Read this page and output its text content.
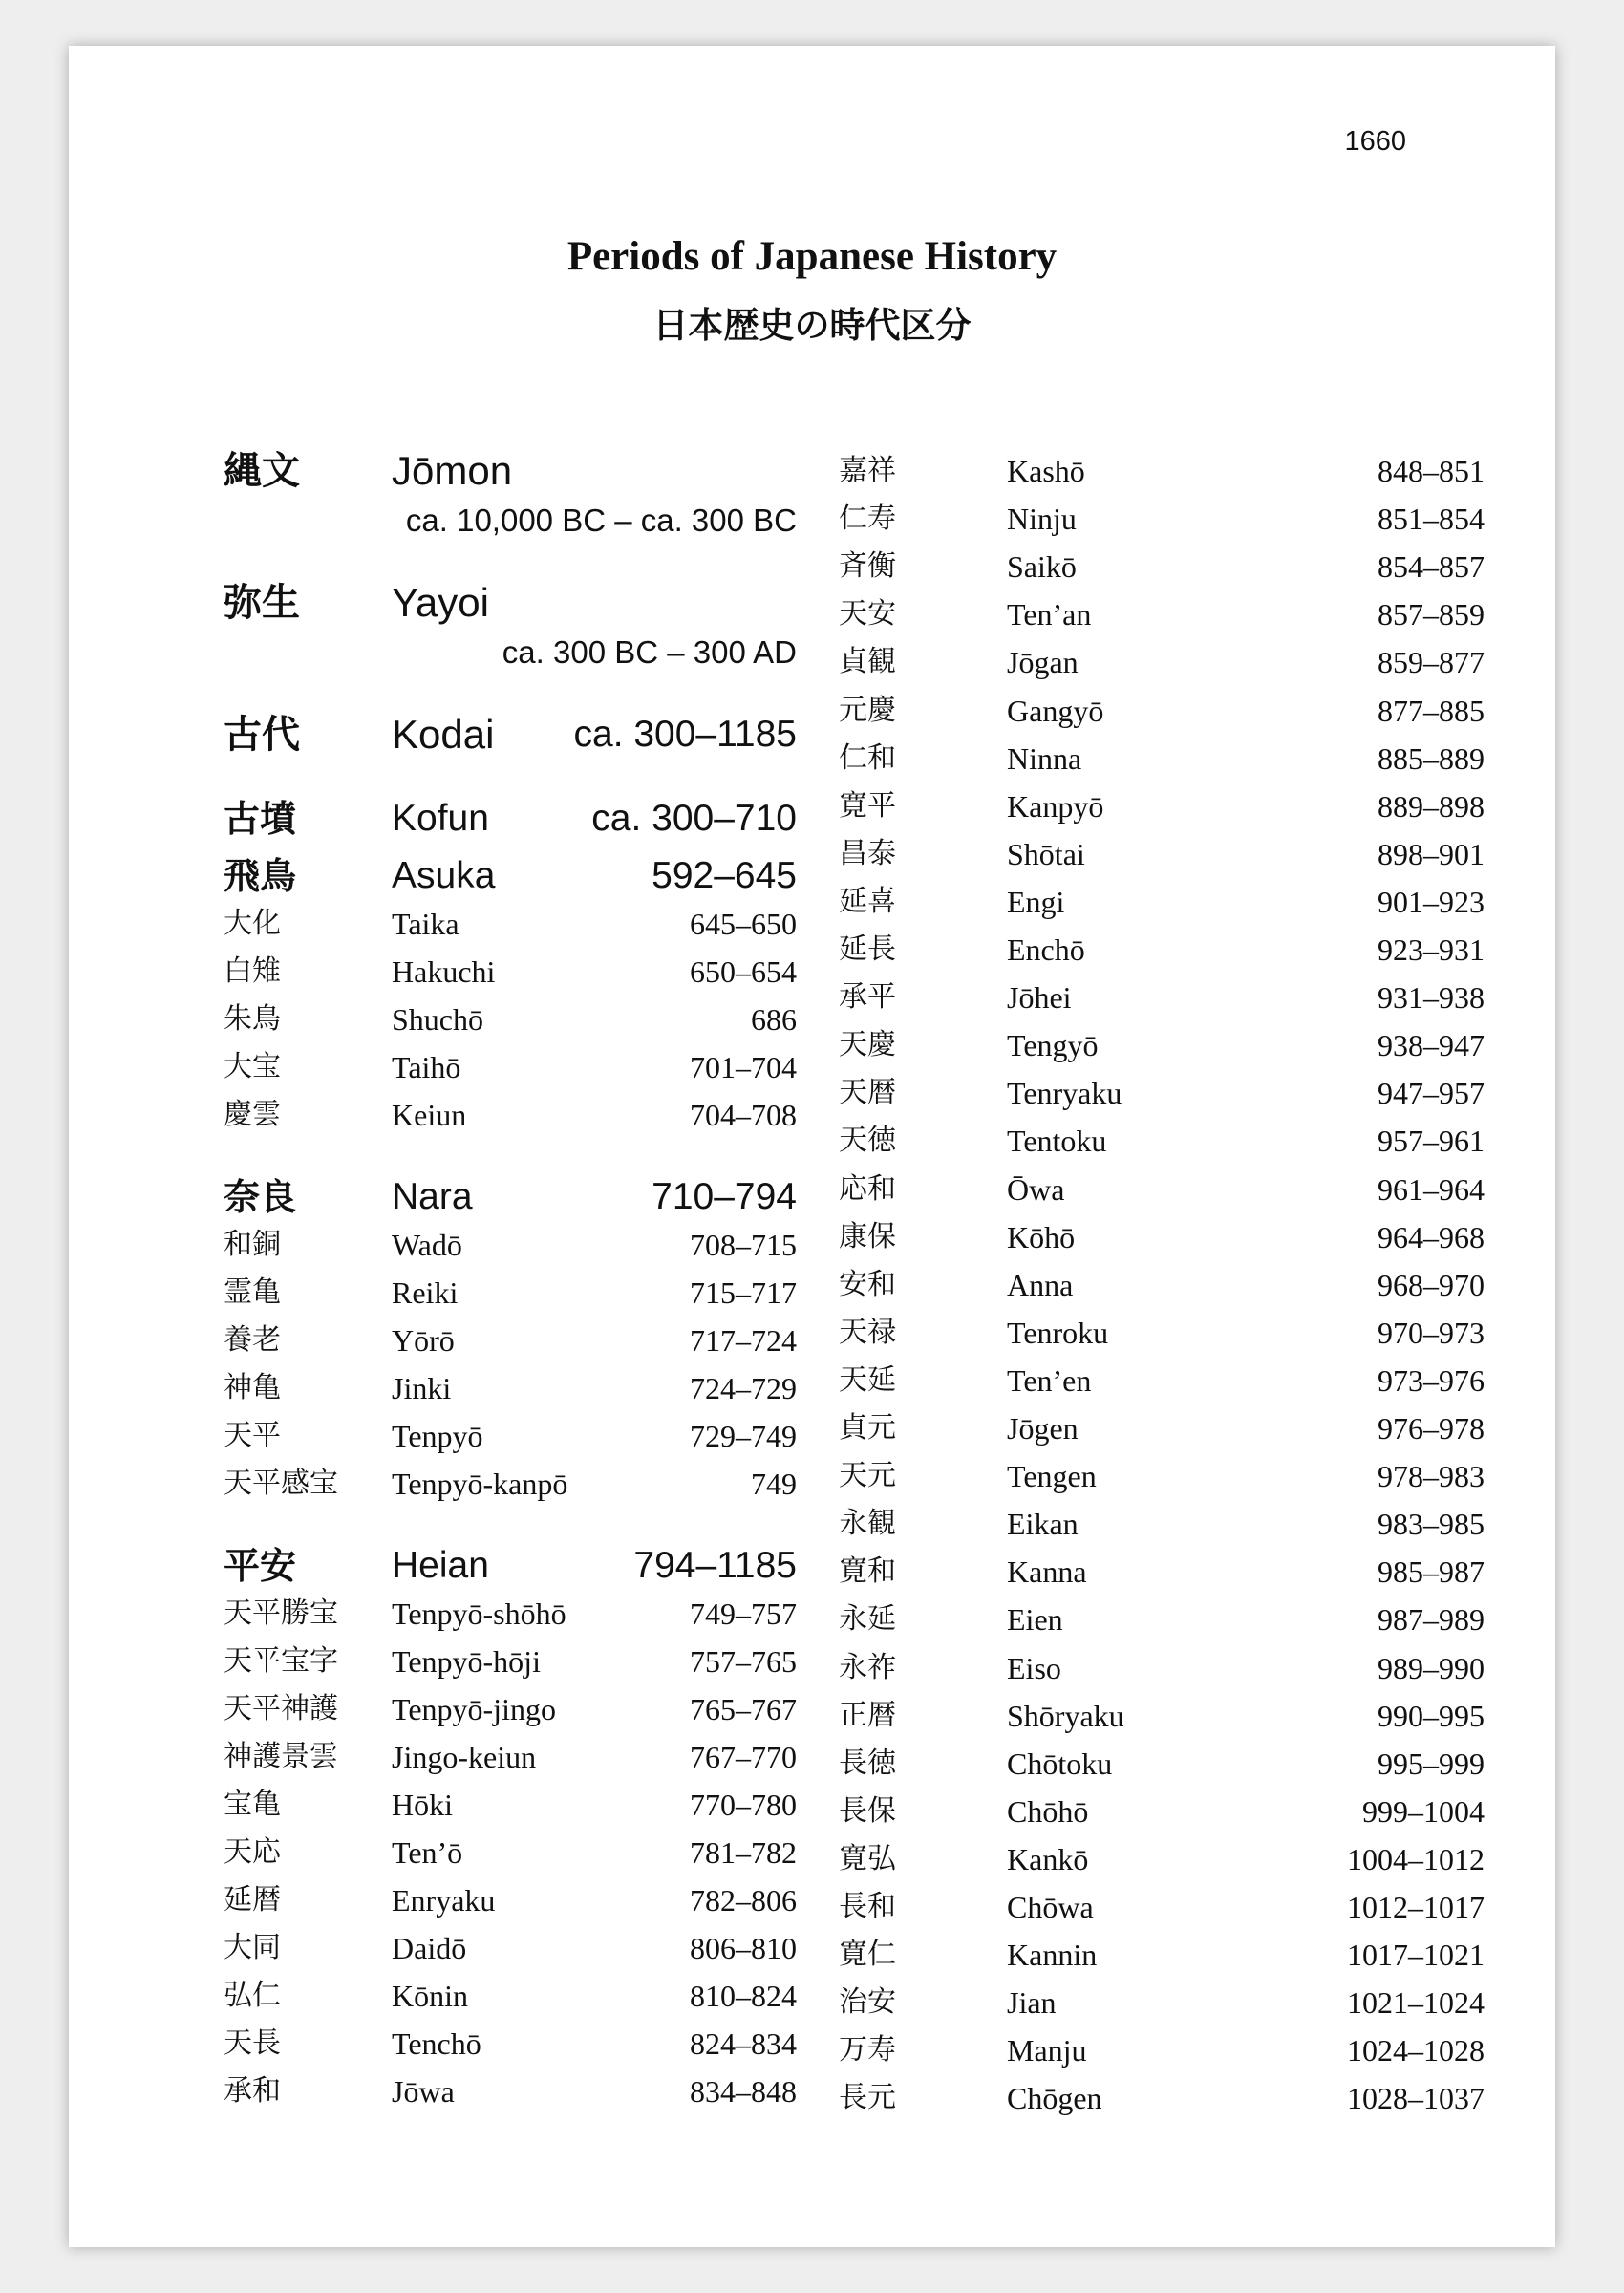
1660
Periods of Japanese History
日本歴史の時代区分
縄文 Jōmon
ca. 10,000 BC – ca. 300 BC
弥生 Yayoi
ca. 300 BC – 300 AD
古代 Kodai ca. 300–1185
古墳	Kofun	ca. 300–710
飛鳥	Asuka	592–645
大化	Taika	645–650
白雉	Hakuchi	650–654
朱鳥	Shuchō	686
大宝	Taihō	701–704
慶雲	Keiun	704–708
奈良	Nara	710–794
和銅	Wadō	708–715
霊亀	Reiki	715–717
養老	Yōrō	717–724
神亀	Jinki	724–729
天平	Tenpyō	729–749
天平感宝 Tenpyō-kanpō	749
平安	Heian	794–1185
天平勝宝 Tenpyō-shōhō	749–757
天平宝字 Tenpyō-hōji	757–765
天平神護 Tenpyō-jingo	765–767
神護景雲 Jingo-keiun	767–770
宝亀	Hōki	770–780
天応	Ten’ō	781–782
延暦	Enryaku	782–806
大同	Daidō	806–810
弘仁	Kōnin	810–824
天長	Tenchō	824–834
承和	Jōwa	834–848
嘉祥	Kashō	848–851
仁寿	Ninju	851–854
斉衡	Saikō	854–857
天安	Ten’an	857–859
貞観	Jōgan	859–877
元慶	Gangyō	877–885
仁和	Ninna	885–889
寛平	Kanpyō	889–898
昌泰	Shōtai	898–901
延喜	Engi	901–923
延長	Enchō	923–931
承平	Jōhei	931–938
天慶	Tengyō	938–947
天暦	Tenryaku	947–957
天徳	Tentoku	957–961
応和	Ōwa	961–964
康保	Kōhō	964–968
安和	Anna	968–970
天禄	Tenroku	970–973
天延	Ten’en	973–976
貞元	Jōgen	976–978
天元	Tengen	978–983
永観	Eikan	983–985
寛和	Kanna	985–987
永延	Eien	987–989
永祚	Eiso	989–990
正暦	Shōryaku	990–995
長徳	Chōtoku	995–999
長保	Chōhō	999–1004
寛弘	Kankō	1004–1012
長和	Chōwa	1012–1017
寛仁	Kannin	1017–1021
治安	Jian	1021–1024
万寿	Manju	1024–1028
長元	Chōgen	1028–1037
